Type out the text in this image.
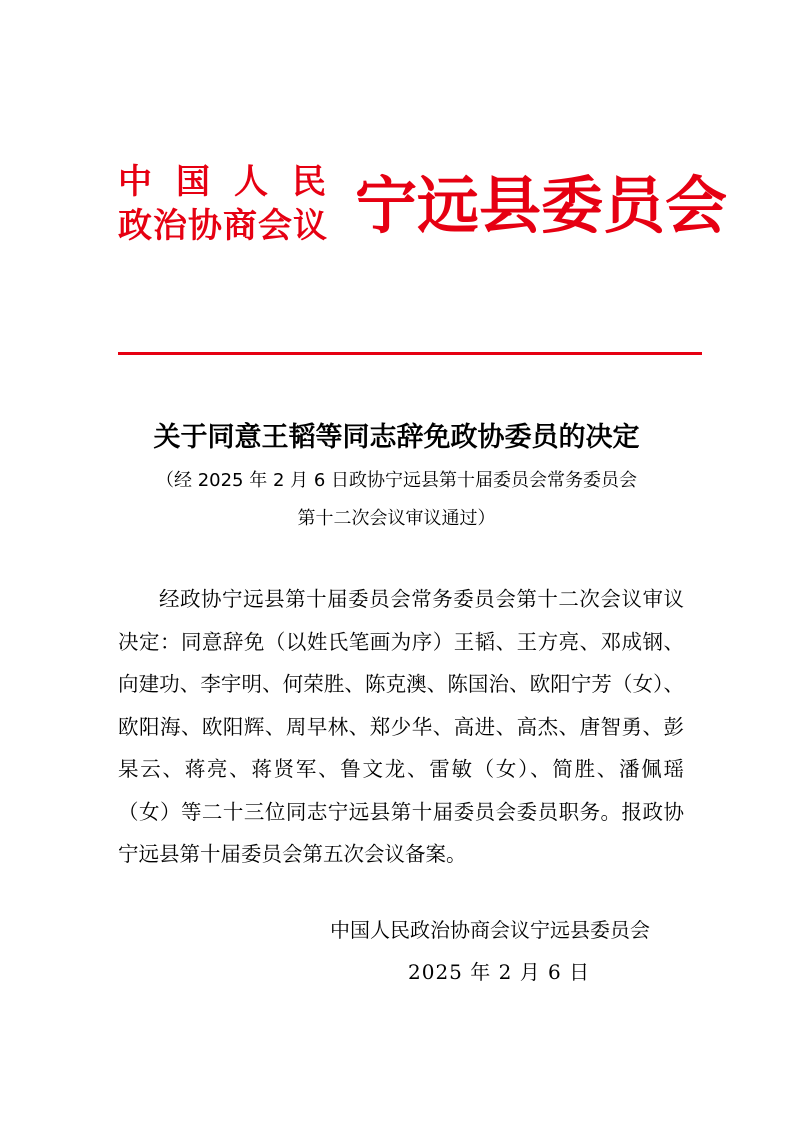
中国人民
政治协商会议 宁远县委员会
关于同意王韬等同志辞免政协委员的决定
（经 2025 年 2 月 6 日政协宁远县第十届委员会常务委员会
第十二次会议审议通过）
经政协宁远县第十届委员会常务委员会第十二次会议审议决定：同意辞免（以姓氏笔画为序）王韬、王方亮、邓成钢、向建功、李宇明、何荣胜、陈克澳、陈国治、欧阳宁芳（女）、欧阳海、欧阳辉、周早林、郑少华、高进、高杰、唐智勇、彭杲云、蒋亮、蒋贤军、鲁文龙、雷敏（女）、简胜、潘佩瑶（女）等二十三位同志宁远县第十届委员会委员职务。报政协宁远县第十届委员会第五次会议备案。
中国人民政治协商会议宁远县委员会
2025 年 2 月 6 日
